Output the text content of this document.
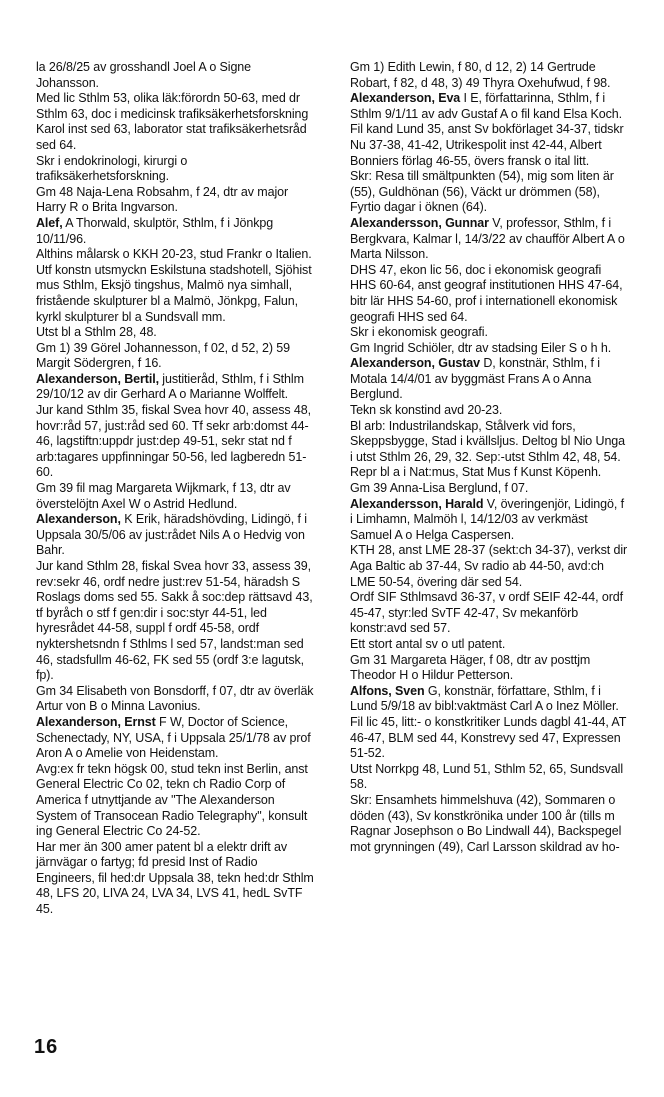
la 26/8/25 av grosshandl Joel A o Signe Johansson.

Med lic Sthlm 53, olika läk:förordn 50-63, med dr Sthlm 63, doc i medicinsk trafiksäkerhetsforskning Karol inst sed 63, laborator stat trafiksäkerhetsråd sed 64.

Skr i endokrinologi, kirurgi o trafiksäkerhetsforskning.

Gm 48 Naja-Lena Robsahm, f 24, dtr av major Harry R o Brita Ingvarson.

Alef, A Thorwald, skulptör, Sthlm, f i Jönkpg 10/11/96.

Althins målarsk o KKH 20-23, stud Frankr o Italien.

Utf konstn utsmyckn Eskilstuna stadshotell, Sjöhist mus Sthlm, Eksjö tingshus, Malmö nya simhall, fristående skulpturer bl a Malmö, Jönkpg, Falun, kyrkl skulpturer bl a Sundsvall mm.

Utst bl a Sthlm 28, 48.

Gm 1) 39 Görel Johannesson, f 02, d 52, 2) 59 Margit Södergren, f 16.

Alexanderson, Bertil, justitieråd, Sthlm, f i Sthlm 29/10/12 av dir Gerhard A o Marianne Wolffelt.

Jur kand Sthlm 35, fiskal Svea hovr 40, assess 48, hovr:råd 57, just:råd sed 60. Tf sekr arb:domst 44-46, lagstiftn:uppdr just:dep 49-51, sekr stat nd f arb:tagares uppfinningar 50-56, led lagberedn 51-60.

Gm 39 fil mag Margareta Wijkmark, f 13, dtr av överstelöjtn Axel W o Astrid Hedlund.

Alexanderson, K Erik, häradshövding, Lidingö, f i Uppsala 30/5/06 av just:rådet Nils A o Hedvig von Bahr.

Jur kand Sthlm 28, fiskal Svea hovr 33, assess 39, rev:sekr 46, ordf nedre just:rev 51-54, häradsh S Roslags doms sed 55. Sakk å soc:dep rättsavd 43, tf byråch o stf f gen:dir i soc:styr 44-51, led hyresrådet 44-58, suppl f ordf 45-58, ordf nyktershetsndn f Sthlms l sed 57, landst:man sed 46, stadsfullm 46-62, FK sed 55 (ordf 3:e lagutsk, fp).

Gm 34 Elisabeth von Bonsdorff, f 07, dtr av överläk Artur von B o Minna Lavonius.

Alexanderson, Ernst F W, Doctor of Science, Schenectady, NY, USA, f i Uppsala 25/1/78 av prof Aron A o Amelie von Heidenstam.

Avg:ex fr tekn högsk 00, stud tekn inst Berlin, anst General Electric Co 02, tekn ch Radio Corp of America f utnyttjande av "The Alexanderson System of Transocean Radio Telegraphy", konsult ing General Electric Co 24-52.

Har mer än 300 amer patent bl a elektr drift av järnvägar o fartyg; fd presid Inst of Radio Engineers, fil hed:dr Uppsala 38, tekn hed:dr Sthlm 48, LFS 20, LIVA 24, LVA 34, LVS 41, hedL SvTF 45.

Gm 1) Edith Lewin, f 80, d 12, 2) 14 Gertrude Robart, f 82, d 48, 3) 49 Thyra Oxehufwud, f 98.

Alexanderson, Eva I E, författarinna, Sthlm, f i Sthlm 9/1/11 av adv Gustaf A o fil kand Elsa Koch.

Fil kand Lund 35, anst Sv bokförlaget 34-37, tidskr Nu 37-38, 41-42, Utrikespolit inst 42-44, Albert Bonniers förlag 46-55, övers fransk o ital litt.

Skr: Resa till smältpunkten (54), mig som liten är (55), Guldhönan (56), Väckt ur drömmen (58), Fyrtio dagar i öknen (64).

Alexandersson, Gunnar V, professor, Sthlm, f i Bergkvara, Kalmar l, 14/3/22 av chaufför Albert A o Marta Nilsson.

DHS 47, ekon lic 56, doc i ekonomisk geografi HHS 60-64, anst geograf institutionen HHS 47-64, bitr lär HHS 54-60, prof i internationell ekonomisk geografi HHS sed 64.

Skr i ekonomisk geografi.

Gm Ingrid Schiöler, dtr av stadsing Eiler S o h h.

Alexanderson, Gustav D, konstnär, Sthlm, f i Motala 14/4/01 av byggmäst Frans A o Anna Berglund.

Tekn sk konstind avd 20-23.

Bl arb: Industrilandskap, Stålverk vid fors, Skeppsbygge, Stad i kvällsljus. Deltog bl Nio Unga i utst Sthlm 26, 29, 32. Sep:-utst Sthlm 42, 48, 54.

Repr bl a i Nat:mus, Stat Mus f Kunst Köpenh.

Gm 39 Anna-Lisa Berglund, f 07.

Alexandersson, Harald V, överingenjör, Lidingö, f i Limhamn, Malmöh l, 14/12/03 av verkmäst Samuel A o Helga Caspersen.

KTH 28, anst LME 28-37 (sekt:ch 34-37), verkst dir Aga Baltic ab 37-44, Sv radio ab 44-50, avd:ch LME 50-54, övering där sed 54.

Ordf SIF Sthlmsavd 36-37, v ordf SEIF 42-44, ordf 45-47, styr:led SvTF 42-47, Sv mekanförb konstr:avd sed 57.

Ett stort antal sv o utl patent.

Gm 31 Margareta Häger, f 08, dtr av posttjm Theodor H o Hildur Petterson.

Alfons, Sven G, konstnär, författare, Sthlm, f i Lund 5/9/18 av bibl:vaktmäst Carl A o Inez Möller.

Fil lic 45, litt:- o konstkritiker Lunds dagbl 41-44, AT 46-47, BLM sed 44, Konstrevy sed 47, Expressen 51-52.

Utst Norrkpg 48, Lund 51, Sthlm 52, 65, Sundsvall 58.

Skr: Ensamhets himmelshuva (42), Sommaren o döden (43), Sv konstkrönika under 100 år (tills m Ragnar Josephson o Bo Lindwall 44), Backspegel mot grynningen (49), Carl Larsson skildrad av ho-

16
